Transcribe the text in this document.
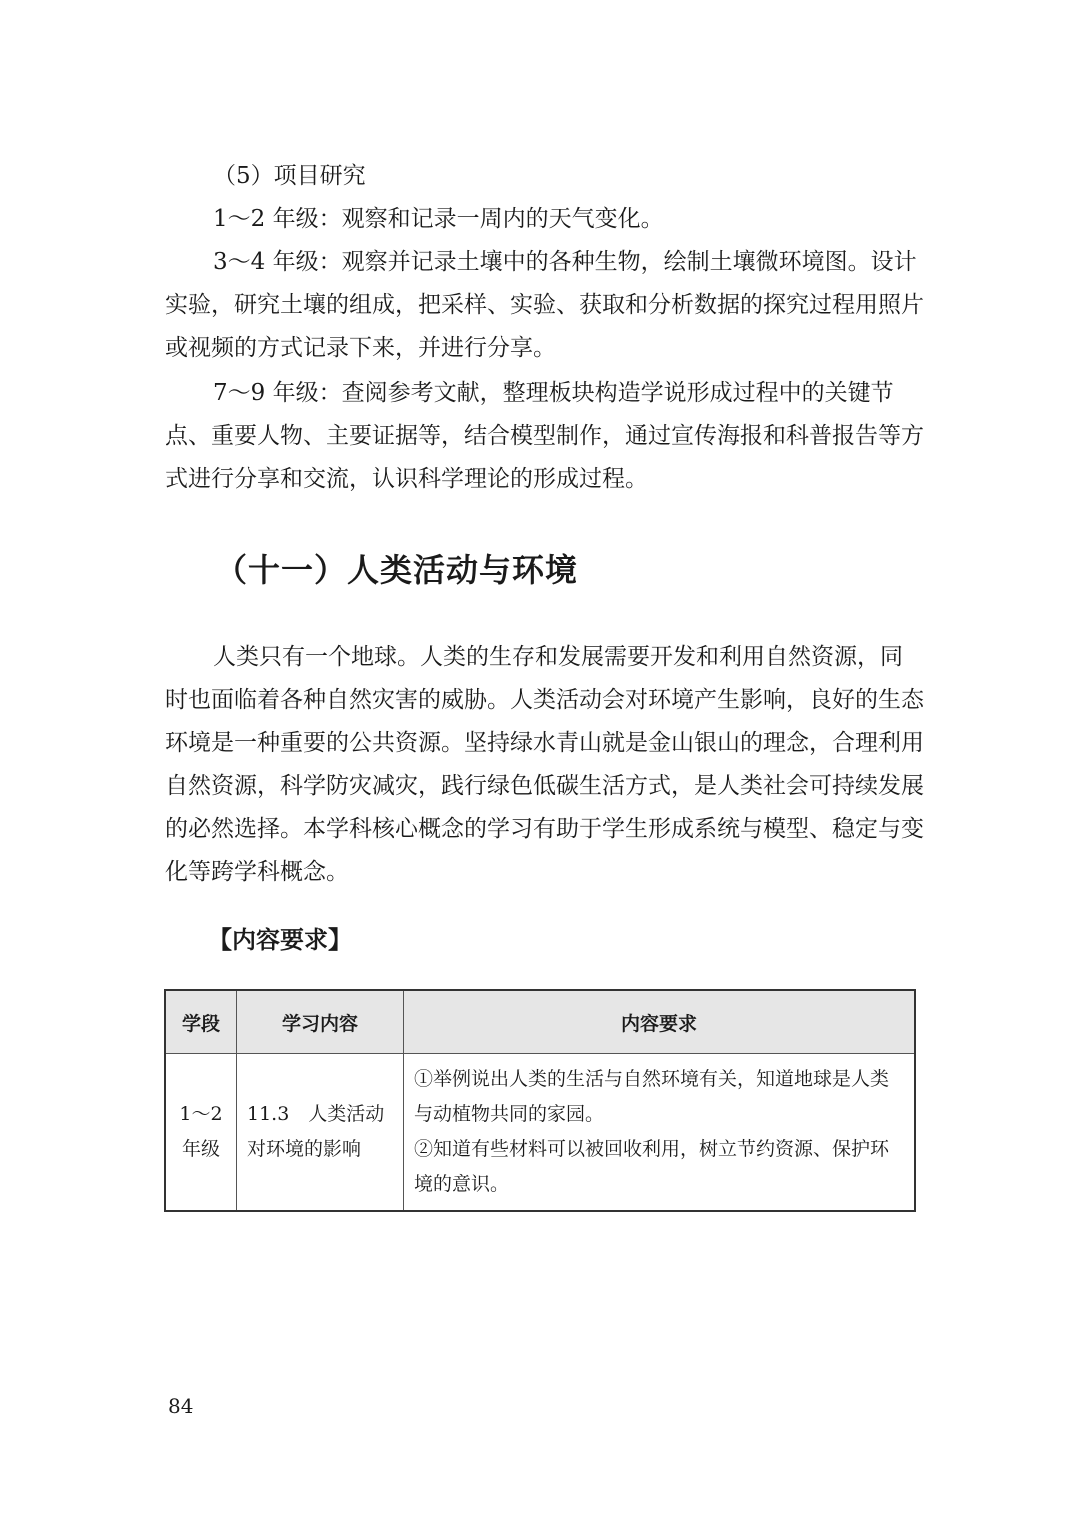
（5）项目研究

1～2 年级：观察和记录一周内的天气变化。

3～4 年级：观察并记录土壤中的各种生物，绘制土壤微环境图。设计实验，研究土壤的组成，把采样、实验、获取和分析数据的探究过程用照片或视频的方式记录下来，并进行分享。

7～9 年级：查阅参考文献，整理板块构造学说形成过程中的关键节点、重要人物、主要证据等，结合模型制作，通过宣传海报和科普报告等方式进行分享和交流，认识科学理论的形成过程。

（十一）人类活动与环境

人类只有一个地球。人类的生存和发展需要开发和利用自然资源，同时也面临着各种自然灾害的威胁。人类活动会对环境产生影响，良好的生态环境是一种重要的公共资源。坚持绿水青山就是金山银山的理念，合理利用自然资源，科学防灾减灾，践行绿色低碳生活方式，是人类社会可持续发展的必然选择。本学科核心概念的学习有助于学生形成系统与模型、稳定与变化等跨学科概念。

【内容要求】
学段	学习内容	内容要求
1～2 年级	11.3　人类活动对环境的影响	①举例说出人类的生活与自然环境有关，知道地球是人类与动植物共同的家园。
②知道有些材料可以被回收利用，树立节约资源、保护环境的意识。

84
